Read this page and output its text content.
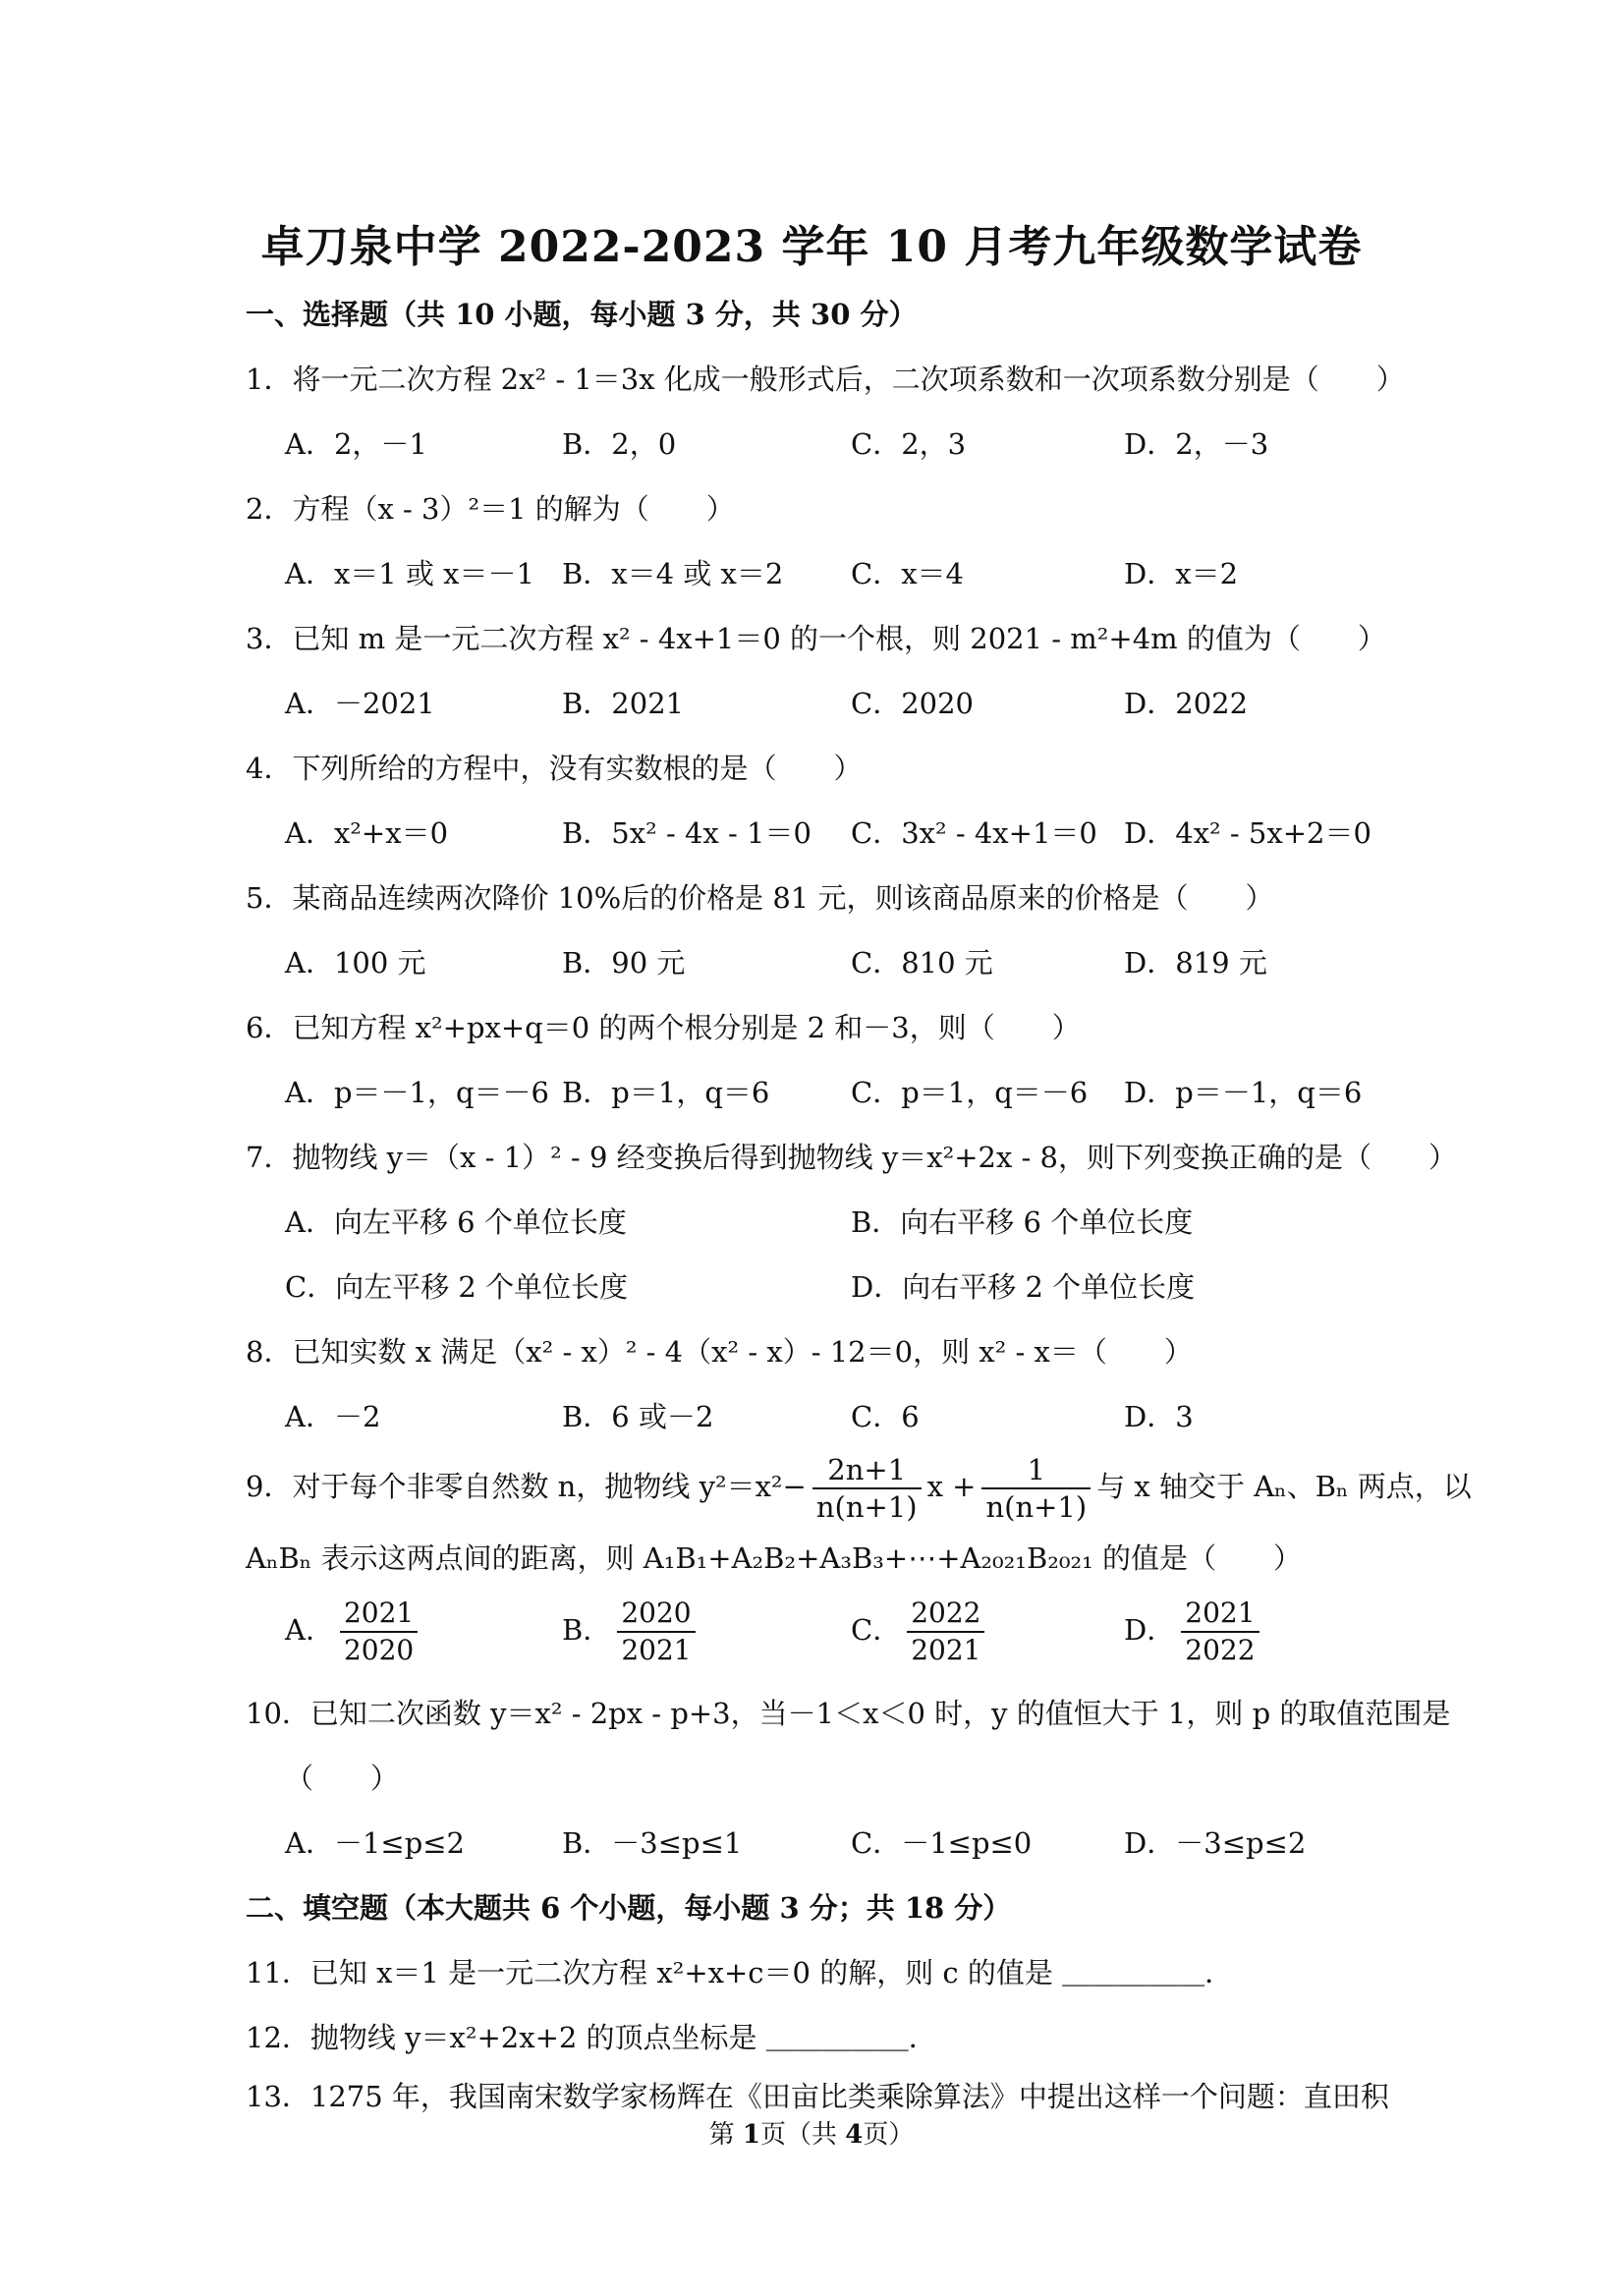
卓刀泉中学 2022-2023 学年 10 月考九年级数学试卷
一、选择题（共 10 小题，每小题 3 分，共 30 分）
1．将一元二次方程 2x² - 1＝3x 化成一般形式后，二次项系数和一次项系数分别是（　　）
A．2，－1	B．2，0	C．2，3	D．2，－3
2．方程（x - 3）²＝1 的解为（　　）
A．x＝1 或 x＝－1 B．x＝4 或 x＝2 C．x＝4	D．x＝2
3．已知 m 是一元二次方程 x² - 4x+1＝0 的一个根，则 2021 - m²+4m 的值为（　　）
A．－2021	B．2021	C．2020	D．2022
4．下列所给的方程中，没有实数根的是（　　）
A．x²+x＝0	B．5x² - 4x - 1＝0 C．3x² - 4x+1＝0 D．4x² - 5x+2＝0
5．某商品连续两次降价 10%后的价格是 81 元，则该商品原来的价格是（　　）
A．100 元	B．90 元	C．810 元	D．819 元
6．已知方程 x²+px+q＝0 的两个根分别是 2 和－3，则（　　）
A．p＝－1，q＝－6 B．p＝1，q＝6	C．p＝1，q＝－6 D．p＝－1，q＝6
7．抛物线 y＝（x - 1）² - 9 经变换后得到抛物线 y＝x²+2x - 8，则下列变换正确的是（　　）
A．向左平移 6 个单位长度	B．向右平移 6 个单位长度
C．向左平移 2 个单位长度	D．向右平移 2 个单位长度
8．已知实数 x 满足（x² - x）² - 4（x² - x）- 12＝0，则 x² - x＝（　　）
A．－2	B．6 或－2	C．6	D．3
9．对于每个非零自然数 n，抛物线 $y^2=x^2- \frac{2n+1}{n(n+1)}$ $x + \frac{1}{n(n+1)}$ 与 x 轴交于 Aₙ、Bₙ 两点，以
AₙBₙ 表示这两点间的距离，则 A₁B₁+A₂B₂+A₃B₃+⋯+A₂₀₂₁B₂₀₂₁ 的值是（　　）
A． $\frac{2021}{2020}$	B． $\frac{2020}{2021}$	C． $\frac{2022}{2021}$	D． $\frac{2021}{2022}$
10．已知二次函数 y＝x² - 2px - p+3，当－1＜x＜0 时，y 的值恒大于 1，则 p 的取值范围是
（　　）
A．－1≤p≤2	B．－3≤p≤1	C．－1≤p≤0	D．－3≤p≤2
二、填空题（本大题共 6 个小题，每小题 3 分；共 18 分）
11．已知 x＝1 是一元二次方程 x²+x+c＝0 的解，则 c 的值是 ＿＿＿＿＿．
12．抛物线 y＝x²+2x+2 的顶点坐标是 ＿＿＿＿＿．
13．1275 年，我国南宋数学家杨辉在《田亩比类乘除算法》中提出这样一个问题：直田积
第 1页（共 4页）
